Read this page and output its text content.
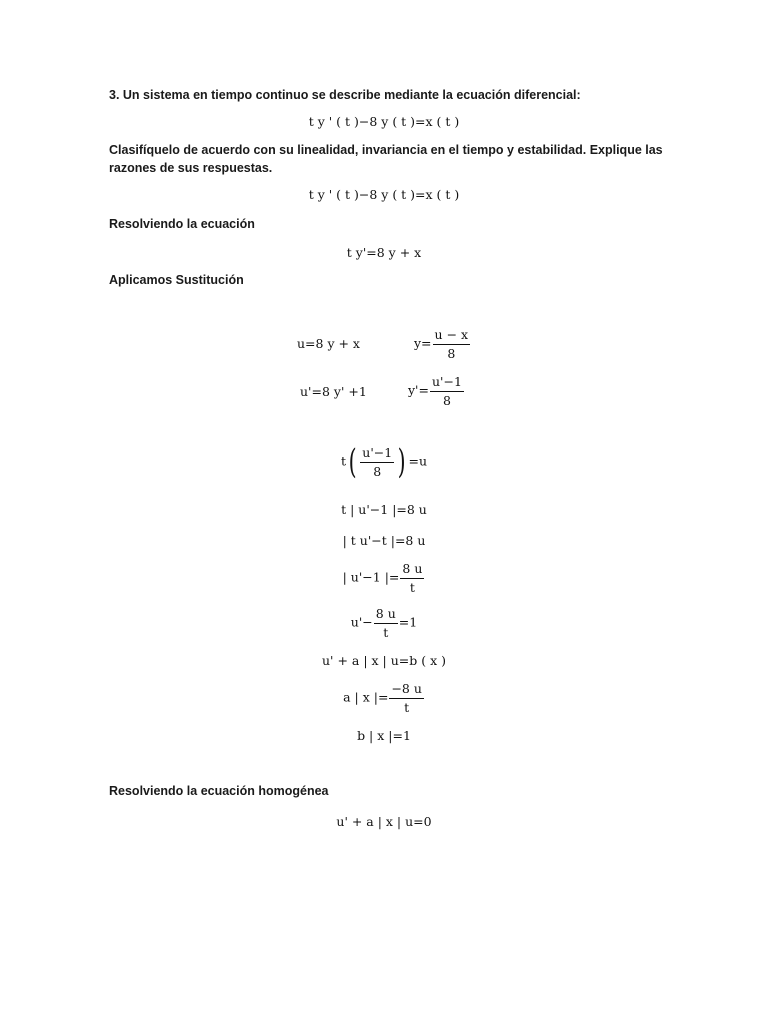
3. Un sistema en tiempo continuo se describe mediante la ecuación diferencial:
t y ' ( t )−8 y ( t )=x ( t )
Clasifíquelo de acuerdo con su linealidad, invariancia en el tiempo y estabilidad. Explique las
razones de sus respuestas.
t y ' ( t )−8 y ( t )=x ( t )
Resolviendo la ecuación
t y'=8 y + x
Aplicamos Sustitución
u=8 y + x	$y= \frac{u - x}{8}$
u'=8 y' +1	$y'= \frac{u'-1}{8}$
$t( \frac{u'-1}{8}$ ) =u
t | u'−1 |=8 u
| t u'−t |=8 u
| u'−1 |= $\frac{8 u}{t}$
$u'- \frac{8 u}{t} =1$
u' + a | x | u=b ( x )
a | x |= $\frac{-8 u}{t}$
b | x |=1
Resolviendo la ecuación homogénea
u' + a | x | u=0
